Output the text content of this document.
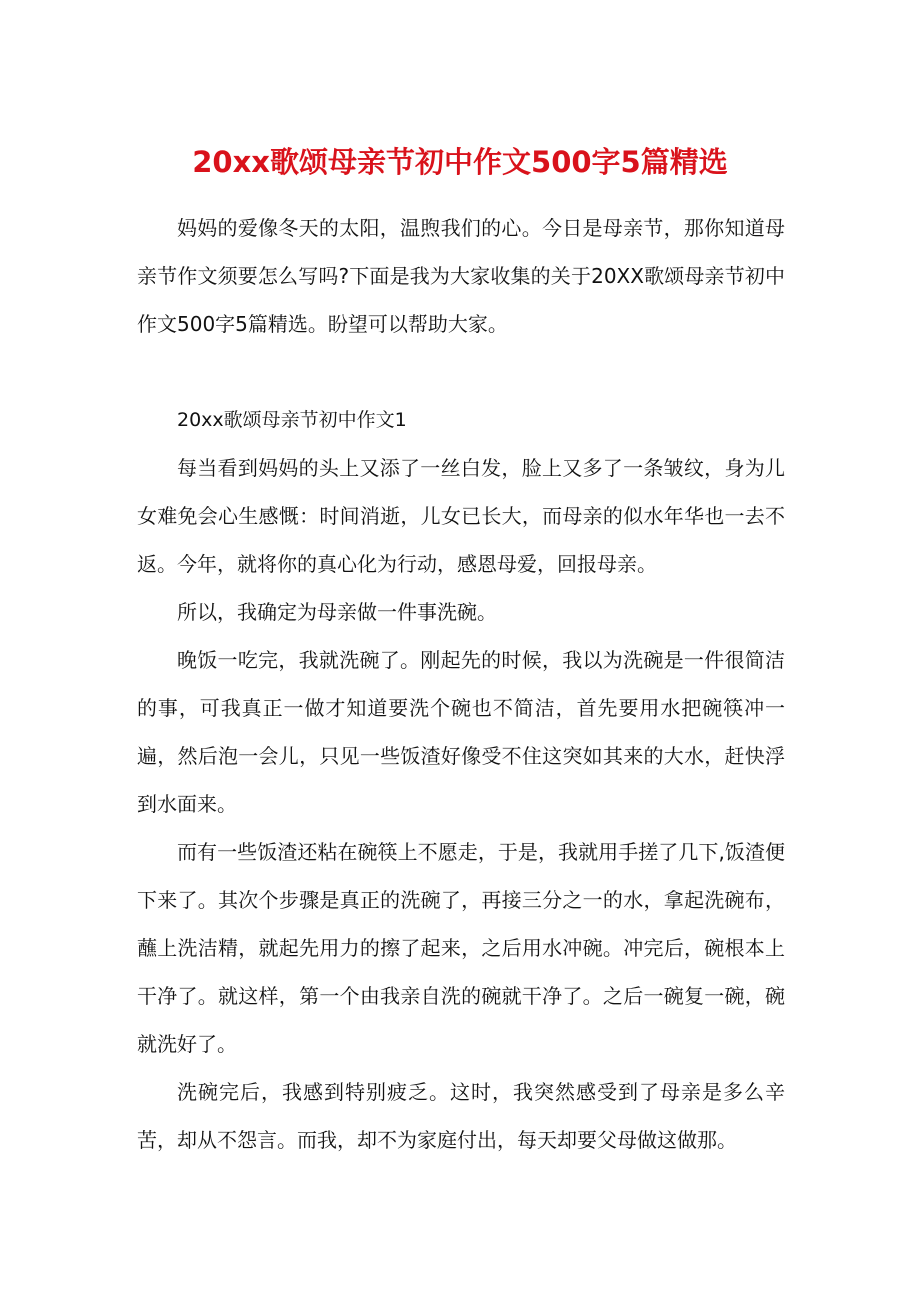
20xx歌颂母亲节初中作文500字5篇精选

妈妈的爱像冬天的太阳，温煦我们的心。今日是母亲节，那你知道母亲节作文须要怎么写吗?下面是我为大家收集的关于20XX歌颂母亲节初中作文500字5篇精选。盼望可以帮助大家。

20xx歌颂母亲节初中作文1

每当看到妈妈的头上又添了一丝白发，脸上又多了一条皱纹，身为儿女难免会心生感慨：时间消逝，儿女已长大，而母亲的似水年华也一去不返。今年，就将你的真心化为行动，感恩母爱，回报母亲。

所以，我确定为母亲做一件事洗碗。

晚饭一吃完，我就洗碗了。刚起先的时候，我以为洗碗是一件很简洁的事，可我真正一做才知道要洗个碗也不简洁，首先要用水把碗筷冲一遍，然后泡一会儿，只见一些饭渣好像受不住这突如其来的大水，赶快浮到水面来。

而有一些饭渣还粘在碗筷上不愿走，于是，我就用手搓了几下,饭渣便下来了。其次个步骤是真正的洗碗了，再接三分之一的水，拿起洗碗布，蘸上洗洁精，就起先用力的擦了起来，之后用水冲碗。冲完后，碗根本上干净了。就这样，第一个由我亲自洗的碗就干净了。之后一碗复一碗，碗就洗好了。

洗碗完后，我感到特别疲乏。这时，我突然感受到了母亲是多么辛苦，却从不怨言。而我，却不为家庭付出，每天却要父母做这做那。
